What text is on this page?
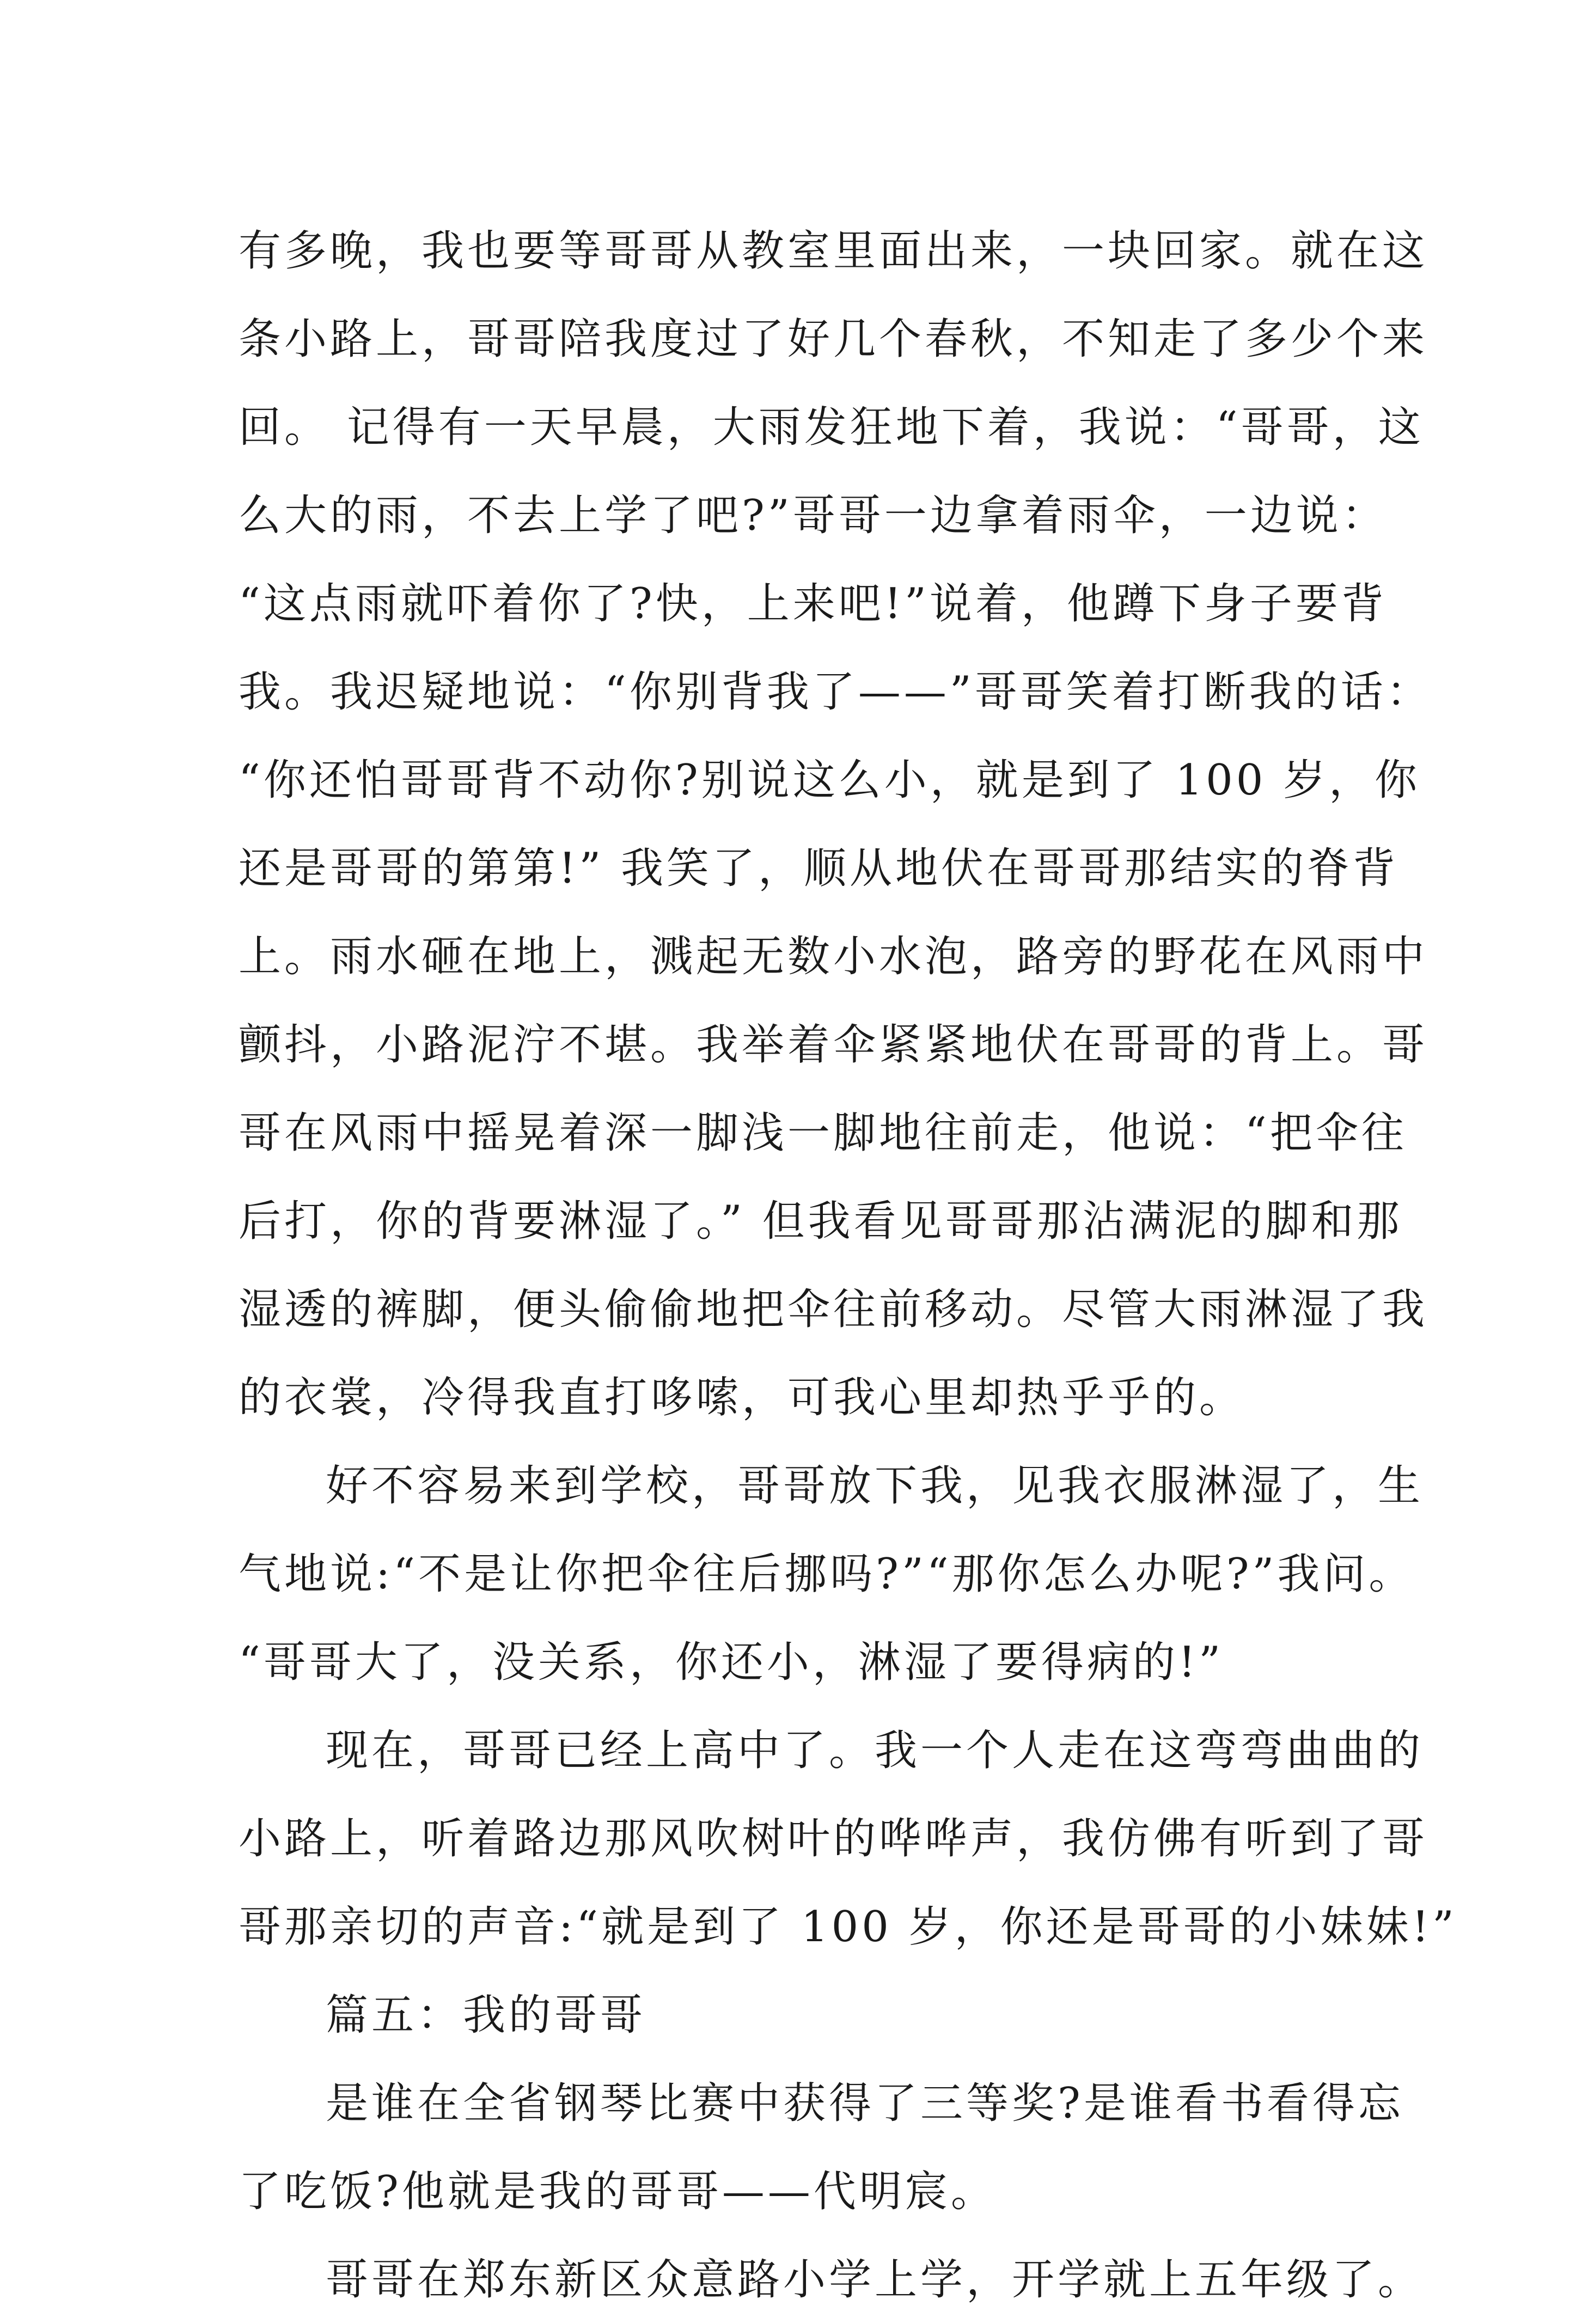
有多晚，我也要等哥哥从教室里面出来，一块回家。就在这
条小路上，哥哥陪我度过了好几个春秋，不知走了多少个来
回。 记得有一天早晨，大雨发狂地下着，我说：“哥哥，这
么大的雨，不去上学了吧?”哥哥一边拿着雨伞，一边说：
“这点雨就吓着你了?快，上来吧!”说着，他蹲下身子要背
我。我迟疑地说：“你别背我了——”哥哥笑着打断我的话：
“你还怕哥哥背不动你?别说这么小，就是到了 100 岁，你
还是哥哥的第第!” 我笑了，顺从地伏在哥哥那结实的脊背
上。雨水砸在地上，溅起无数小水泡，路旁的野花在风雨中
颤抖，小路泥泞不堪。我举着伞紧紧地伏在哥哥的背上。哥
哥在风雨中摇晃着深一脚浅一脚地往前走，他说：“把伞往
后打，你的背要淋湿了。” 但我看见哥哥那沾满泥的脚和那
湿透的裤脚，便头偷偷地把伞往前移动。尽管大雨淋湿了我
的衣裳，冷得我直打哆嗦，可我心里却热乎乎的。
好不容易来到学校，哥哥放下我，见我衣服淋湿了，生
气地说:“不是让你把伞往后挪吗?”“那你怎么办呢?”我问。
“哥哥大了，没关系，你还小，淋湿了要得病的!”
现在，哥哥已经上高中了。我一个人走在这弯弯曲曲的
小路上，听着路边那风吹树叶的哗哗声，我仿佛有听到了哥
哥那亲切的声音:“就是到了 100 岁，你还是哥哥的小妹妹!”
篇五：我的哥哥
是谁在全省钢琴比赛中获得了三等奖?是谁看书看得忘
了吃饭?他就是我的哥哥——代明宸。
哥哥在郑东新区众意路小学上学，开学就上五年级了。
